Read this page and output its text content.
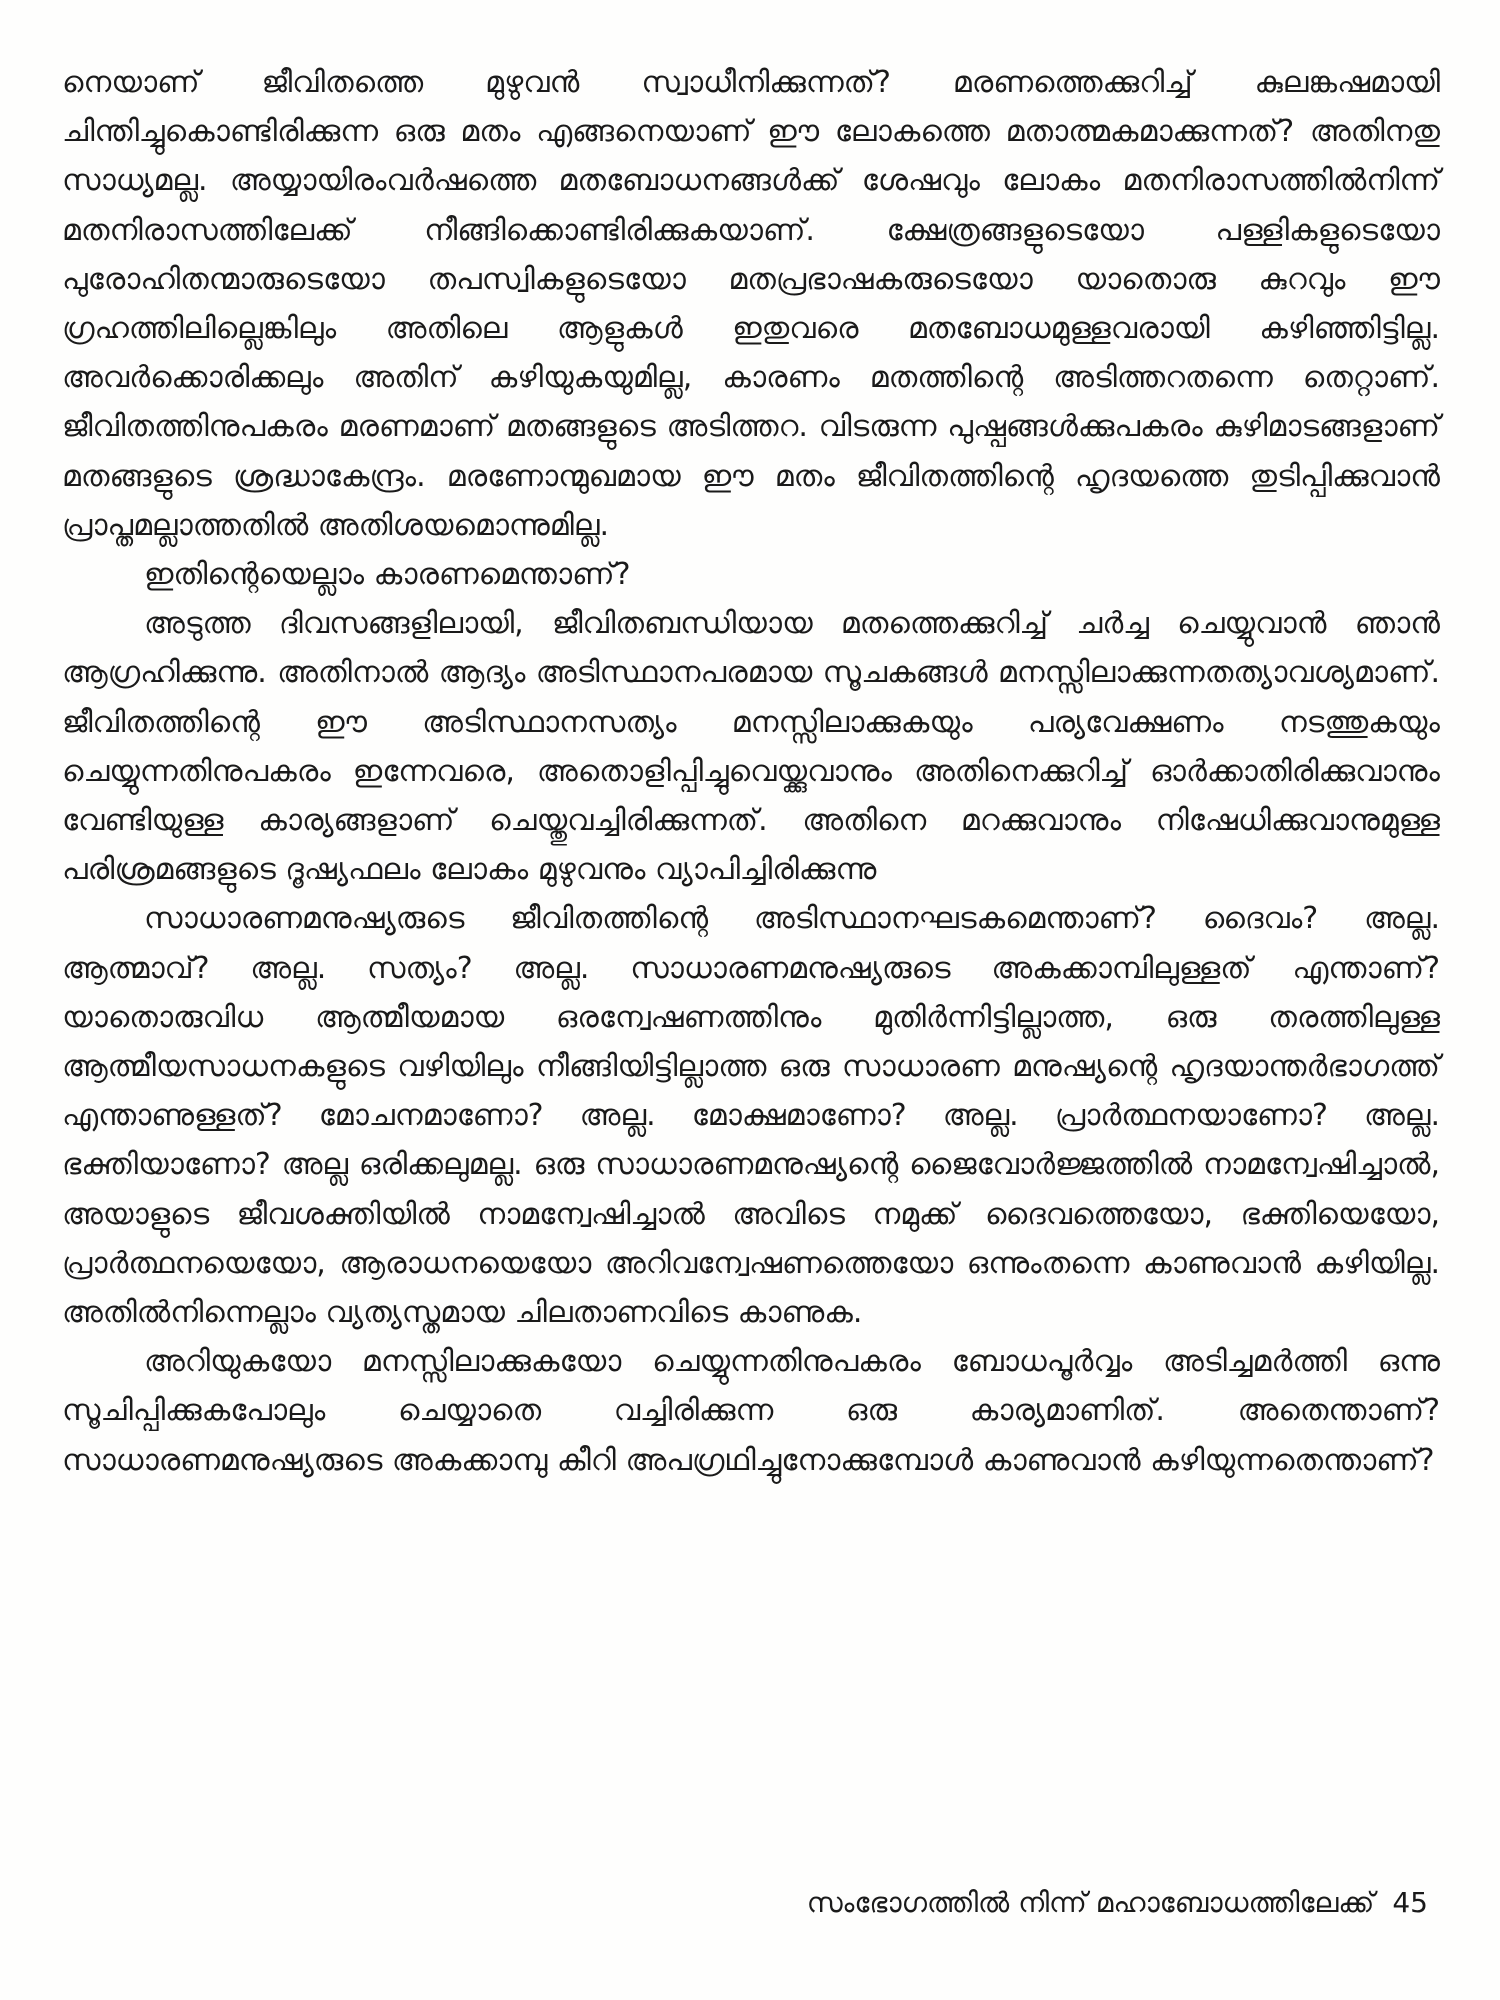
നെയാണ് ജീവിതത്തെ മുഴുവൻ സ്വാധീനിക്കുന്നത്? മരണത്തെക്കുറിച്ച് കുലങ്കഷമായി ചിന്തിച്ചുകൊണ്ടിരിക്കുന്ന ഒരു മതം എങ്ങനെയാണ് ഈ ലോകത്തെ മതാത്മകമാക്കുന്നത്? അതിനതു സാധ്യമല്ല. അയ്യായിരംവർഷത്തെ മതബോധനങ്ങൾക്ക് ശേഷവും ലോകം മതനിരാസത്തിൽനിന്ന് മതനിരാസത്തിലേക്ക് നീങ്ങിക്കൊണ്ടിരിക്കുകയാണ്. ക്ഷേത്രങ്ങളുടെയോ പള്ളികളുടെയോ പുരോഹിതന്മാരുടെയോ തപസ്വികളുടെയോ മതപ്രഭാഷകരുടെയോ യാതൊരു കുറവും ഈ ഗ്രഹത്തിലില്ലെങ്കിലും അതിലെ ആളുകൾ ഇതുവരെ മതബോധമുള്ളവരായി കഴിഞ്ഞിട്ടില്ല. അവർക്കൊരിക്കലും അതിന് കഴിയുകയുമില്ല, കാരണം മതത്തിന്റെ അടിത്തറതന്നെ തെറ്റാണ്. ജീവിതത്തിനുപകരം മരണമാണ് മതങ്ങളുടെ അടിത്തറ. വിടരുന്ന പുഷ്പങ്ങൾക്കുപകരം കുഴിമാടങ്ങളാണ് മതങ്ങളുടെ ശ്രദ്ധാകേന്ദ്രം. മരണോന്മുഖമായ ഈ മതം ജീവിതത്തിന്റെ ഹൃദയത്തെ തുടിപ്പിക്കുവാൻ പ്രാപ്തമല്ലാത്തതിൽ അതിശയമൊന്നുമില്ല.

ഇതിന്റെയെല്ലാം കാരണമെന്താണ്?

അടുത്ത ദിവസങ്ങളിലായി, ജീവിതബന്ധിയായ മതത്തെക്കുറിച്ച് ചർച്ച ചെയ്യുവാൻ ഞാൻ ആഗ്രഹിക്കുന്നു. അതിനാൽ ആദ്യം അടിസ്ഥാനപരമായ സൂചകങ്ങൾ മനസ്സിലാക്കുന്നതത്യാവശ്യമാണ്. ജീവിതത്തിന്റെ ഈ അടിസ്ഥാനസത്യം മനസ്സിലാക്കുകയും പര്യവേക്ഷണം നടത്തുകയും ചെയ്യുന്നതിനുപകരം ഇന്നേവരെ, അതൊളിപ്പിച്ചുവെയ്ക്കുവാനും അതിനെക്കുറിച്ച് ഓർക്കാതിരിക്കുവാനും വേണ്ടിയുള്ള കാര്യങ്ങളാണ് ചെയ്തുവച്ചിരിക്കുന്നത്. അതിനെ മറക്കുവാനും നിഷേധിക്കുവാനുമുള്ള പരിശ്രമങ്ങളുടെ ദൂഷ്യഫലം ലോകം മുഴുവനും വ്യാപിച്ചിരിക്കുന്നു

സാധാരണമനുഷ്യരുടെ ജീവിതത്തിന്റെ അടിസ്ഥാനഘടകമെന്താണ്? ദൈവം? അല്ല. ആത്മാവ്? അല്ല. സത്യം? അല്ല. സാധാരണമനുഷ്യരുടെ അകക്കാമ്പിലുള്ളത് എന്താണ്? യാതൊരുവിധ ആത്മീയമായ ഒരന്വേഷണത്തിനും മുതിർന്നിട്ടില്ലാത്ത, ഒരു തരത്തിലുള്ള ആത്മീയസാധനകളുടെ വഴിയിലും നീങ്ങിയിട്ടില്ലാത്ത ഒരു സാധാരണ മനുഷ്യന്റെ ഹൃദയാന്തർഭാഗത്ത് എന്താണുള്ളത്? മോചനമാണോ? അല്ല. മോക്ഷമാണോ? അല്ല. പ്രാർത്ഥനയാണോ? അല്ല. ഭക്തിയാണോ? അല്ല ഒരിക്കലുമല്ല. ഒരു സാധാരണമനുഷ്യന്റെ ജൈവോർജ്ജത്തിൽ നാമന്വേഷിച്ചാൽ, അയാളുടെ ജീവശക്തിയിൽ നാമന്വേഷിച്ചാൽ അവിടെ നമുക്ക് ദൈവത്തെയോ, ഭക്തിയെയോ, പ്രാർത്ഥനയെയോ, ആരാധനയെയോ അറിവന്വേഷണത്തെയോ ഒന്നുംതന്നെ കാണുവാൻ കഴിയില്ല. അതിൽനിന്നെല്ലാം വ്യത്യസ്തമായ ചിലതാണവിടെ കാണുക.

അറിയുകയോ മനസ്സിലാക്കുകയോ ചെയ്യുന്നതിനുപകരം ബോധപൂർവ്വം അടിച്ചമർത്തി ഒന്നു സൂചിപ്പിക്കുകപോലും ചെയ്യാതെ വച്ചിരിക്കുന്ന ഒരു കാര്യമാണിത്. അതെന്താണ്? സാധാരണമനുഷ്യരുടെ അകക്കാമ്പു കീറി അപഗ്രഥിച്ചുനോക്കുമ്പോൾ കാണുവാൻ കഴിയുന്നതെന്താണ്?

സംഭോഗത്തിൽ നിന്ന് മഹാബോധത്തിലേക്ക് 45
